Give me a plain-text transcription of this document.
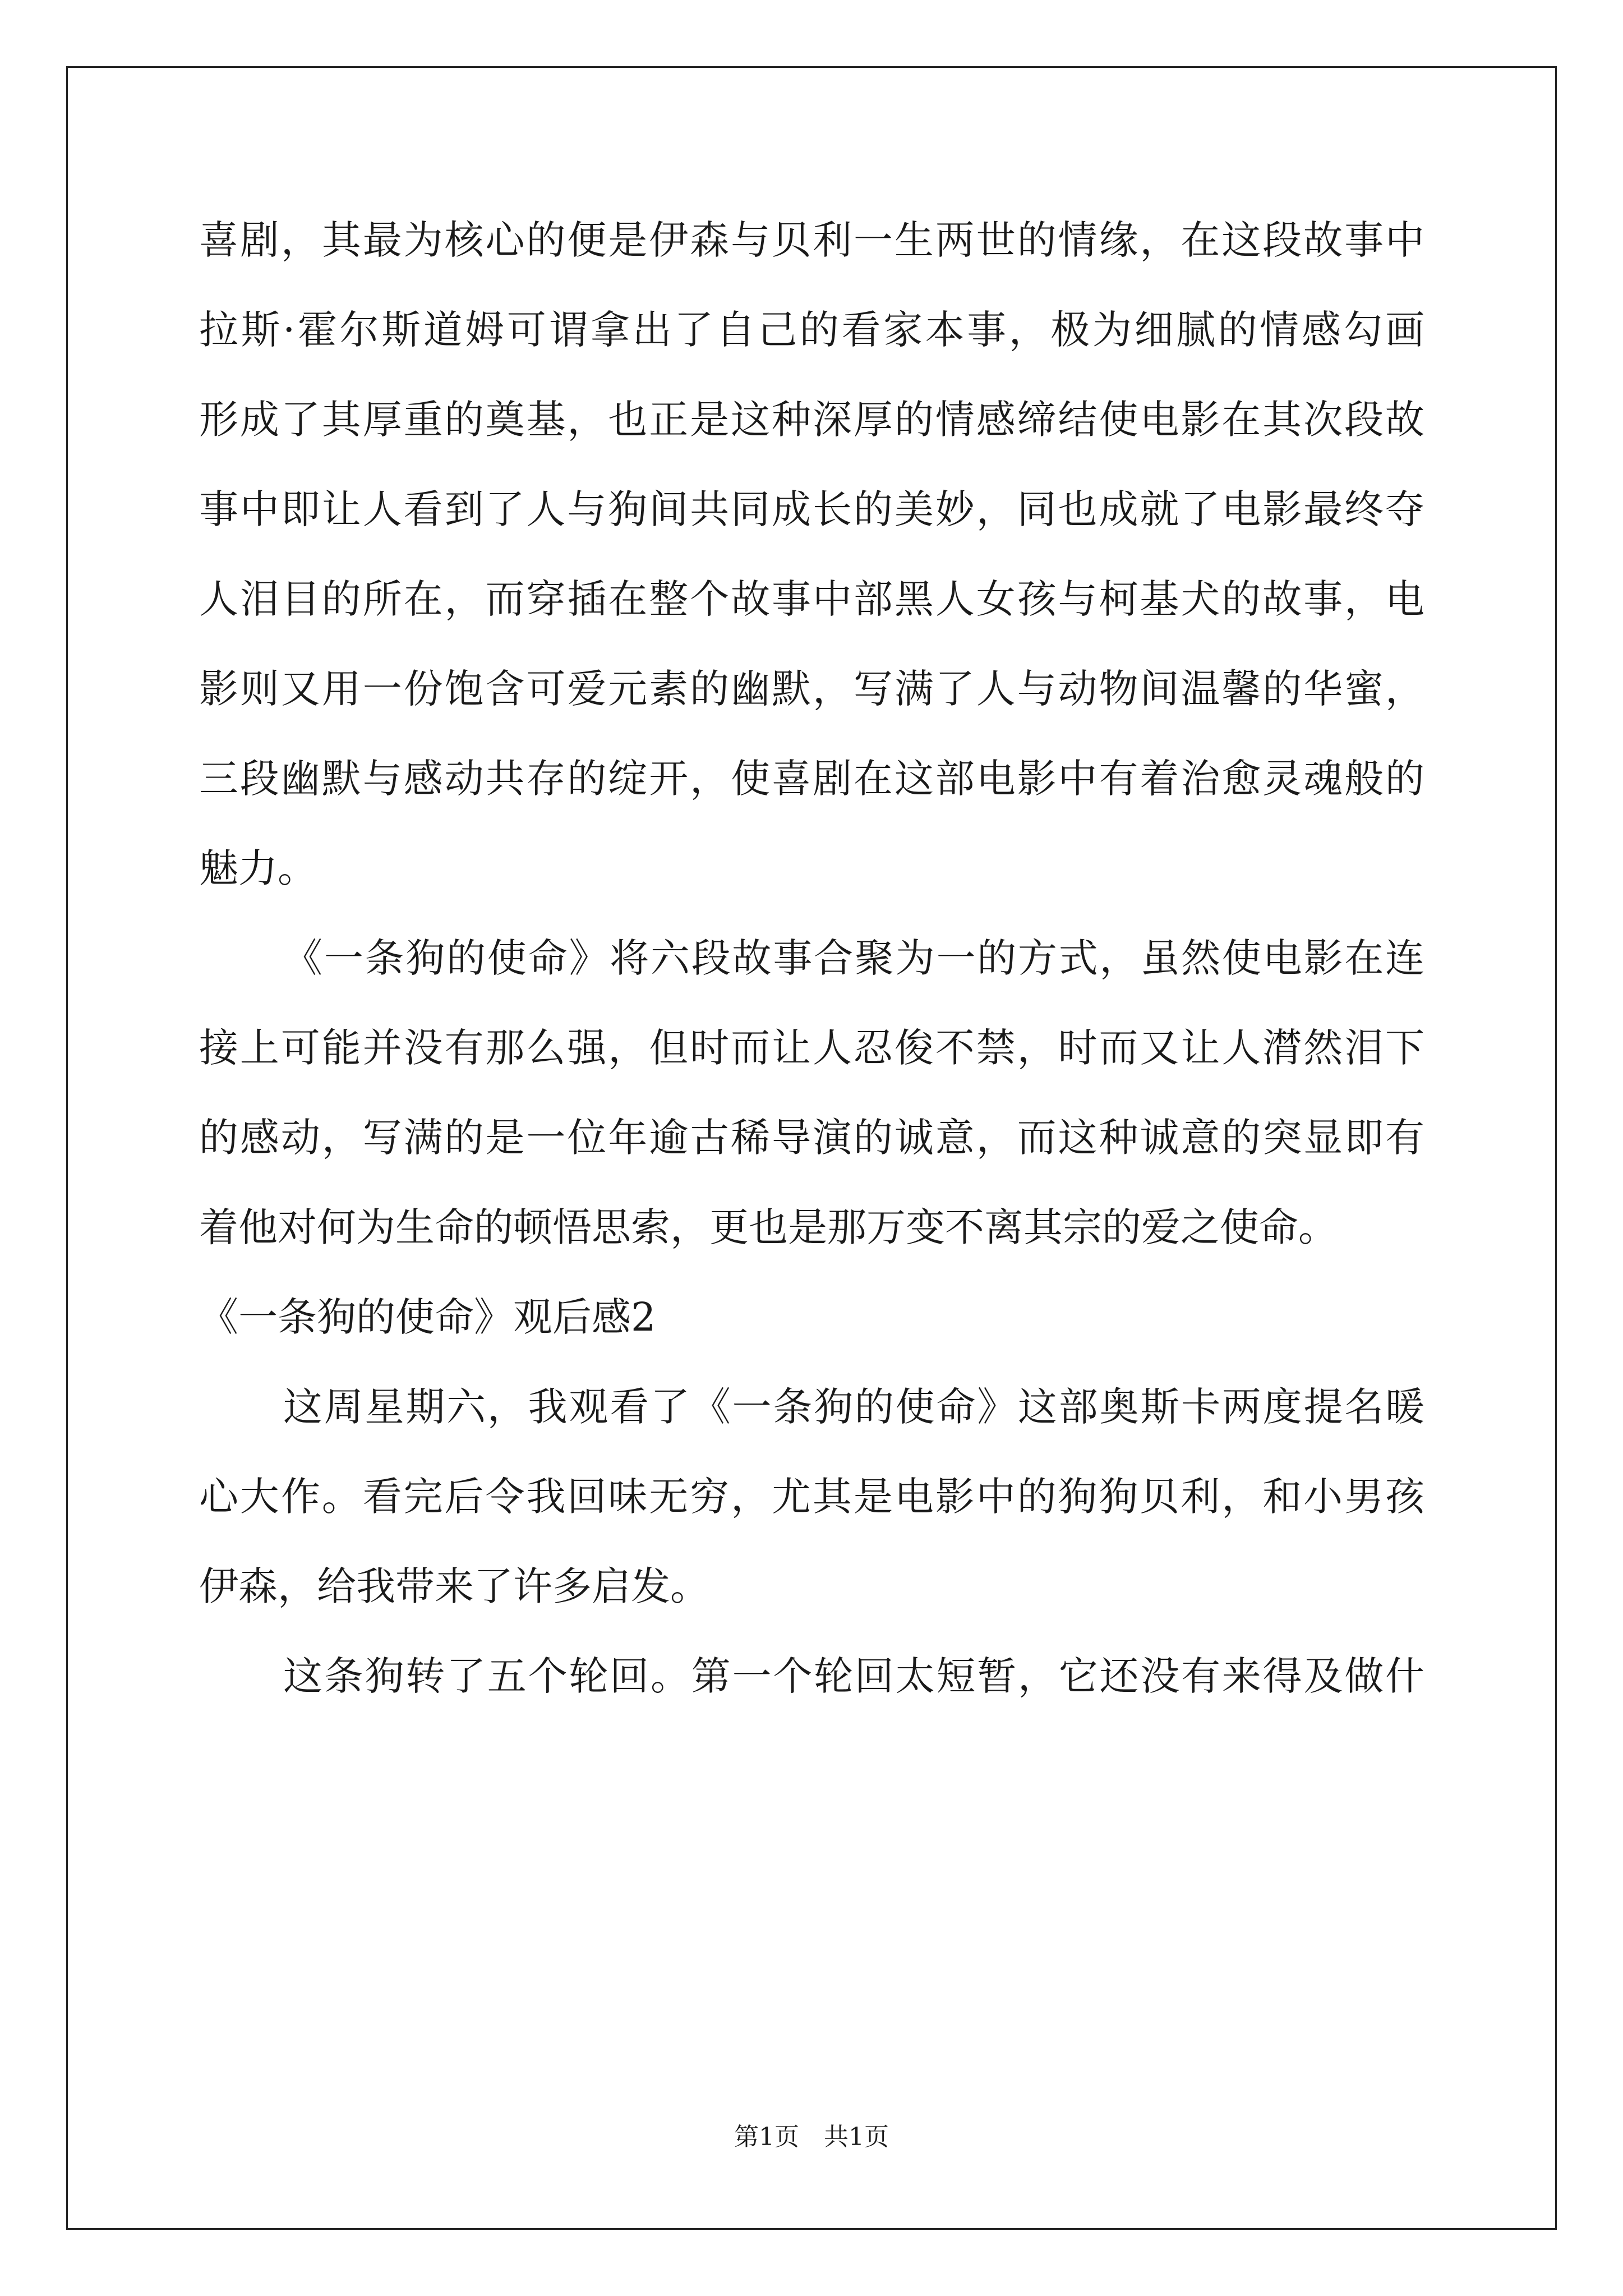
喜剧，其最为核心的便是伊森与贝利一生两世的情缘，在这段故事中
拉斯·霍尔斯道姆可谓拿出了自己的看家本事，极为细腻的情感勾画
形成了其厚重的奠基，也正是这种深厚的情感缔结使电影在其次段故
事中即让人看到了人与狗间共同成长的美妙，同也成就了电影最终夺
人泪目的所在，而穿插在整个故事中部黑人女孩与柯基犬的故事，电
影则又用一份饱含可爱元素的幽默，写满了人与动物间温馨的华蜜，
三段幽默与感动共存的绽开，使喜剧在这部电影中有着治愈灵魂般的
魅力。
《一条狗的使命》将六段故事合聚为一的方式，虽然使电影在连
接上可能并没有那么强，但时而让人忍俊不禁，时而又让人潸然泪下
的感动，写满的是一位年逾古稀导演的诚意，而这种诚意的突显即有
着他对何为生命的顿悟思索，更也是那万变不离其宗的爱之使命。
《一条狗的使命》观后感2
这周星期六，我观看了《一条狗的使命》这部奥斯卡两度提名暖
心大作。看完后令我回味无穷，尤其是电影中的狗狗贝利，和小男孩
伊森，给我带来了许多启发。
这条狗转了五个轮回。第一个轮回太短暂，它还没有来得及做什
第1页　共1页
